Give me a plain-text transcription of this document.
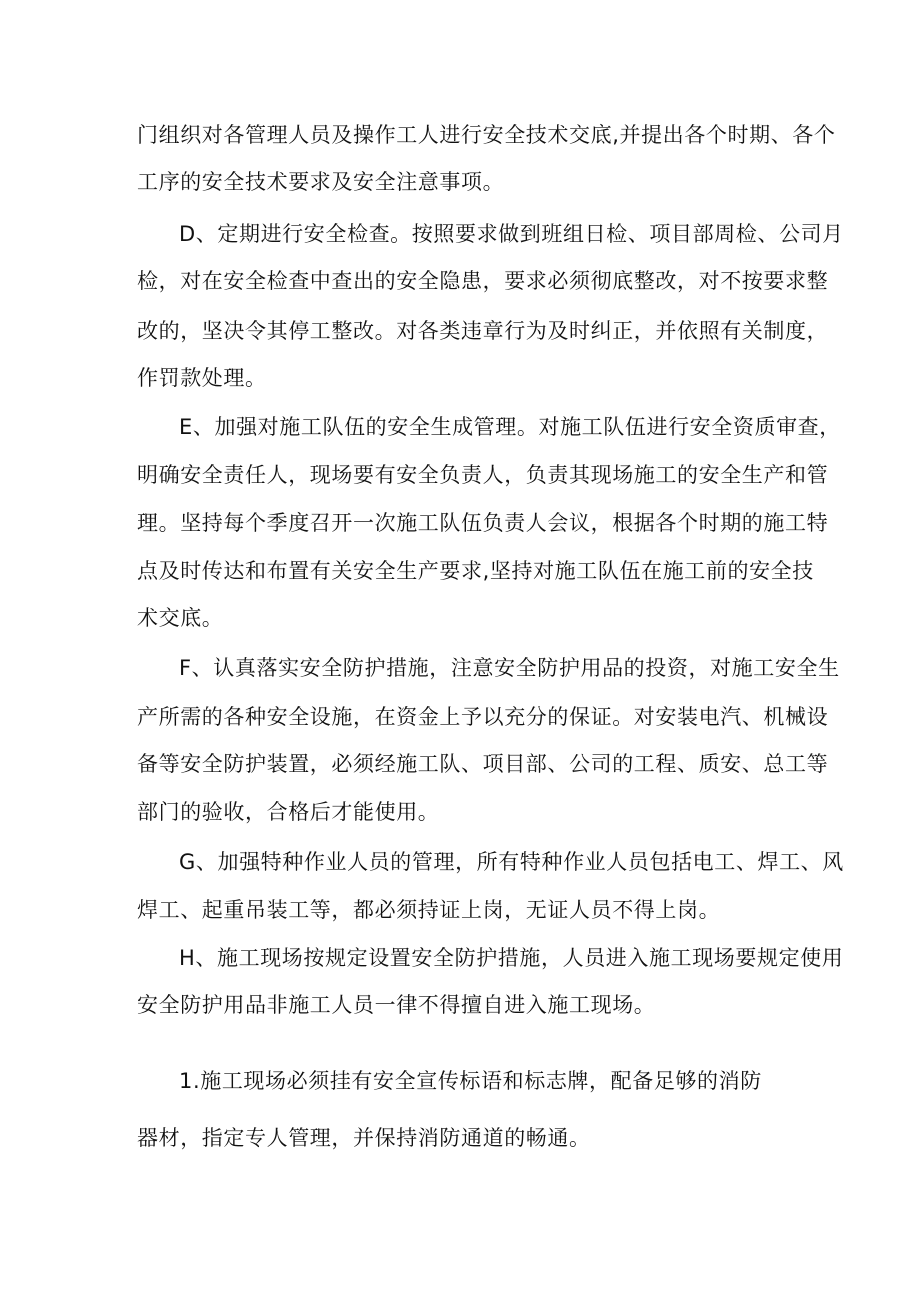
门组织对各管理人员及操作工人进行安全技术交底,并提出各个时期、各个
工序的安全技术要求及安全注意事项。
D、定期进行安全检查。按照要求做到班组日检、项目部周检、公司月
检，对在安全检查中查出的安全隐患，要求必须彻底整改，对不按要求整
改的，坚决令其停工整改。对各类违章行为及时纠正，并依照有关制度，
作罚款处理。
E、加强对施工队伍的安全生成管理。对施工队伍进行安全资质审查，
明确安全责任人，现场要有安全负责人，负责其现场施工的安全生产和管
理。坚持每个季度召开一次施工队伍负责人会议，根据各个时期的施工特
点及时传达和布置有关安全生产要求,坚持对施工队伍在施工前的安全技
术交底。
F、认真落实安全防护措施，注意安全防护用品的投资，对施工安全生
产所需的各种安全设施，在资金上予以充分的保证。对安装电汽、机械设
备等安全防护装置，必须经施工队、项目部、公司的工程、质安、总工等
部门的验收，合格后才能使用。
G、加强特种作业人员的管理，所有特种作业人员包括电工、焊工、风
焊工、起重吊装工等，都必须持证上岗，无证人员不得上岗。
H、施工现场按规定设置安全防护措施，人员进入施工现场要规定使用
安全防护用品非施工人员一律不得擅自进入施工现场。
1.施工现场必须挂有安全宣传标语和标志牌，配备足够的消防
器材，指定专人管理，并保持消防通道的畅通。
